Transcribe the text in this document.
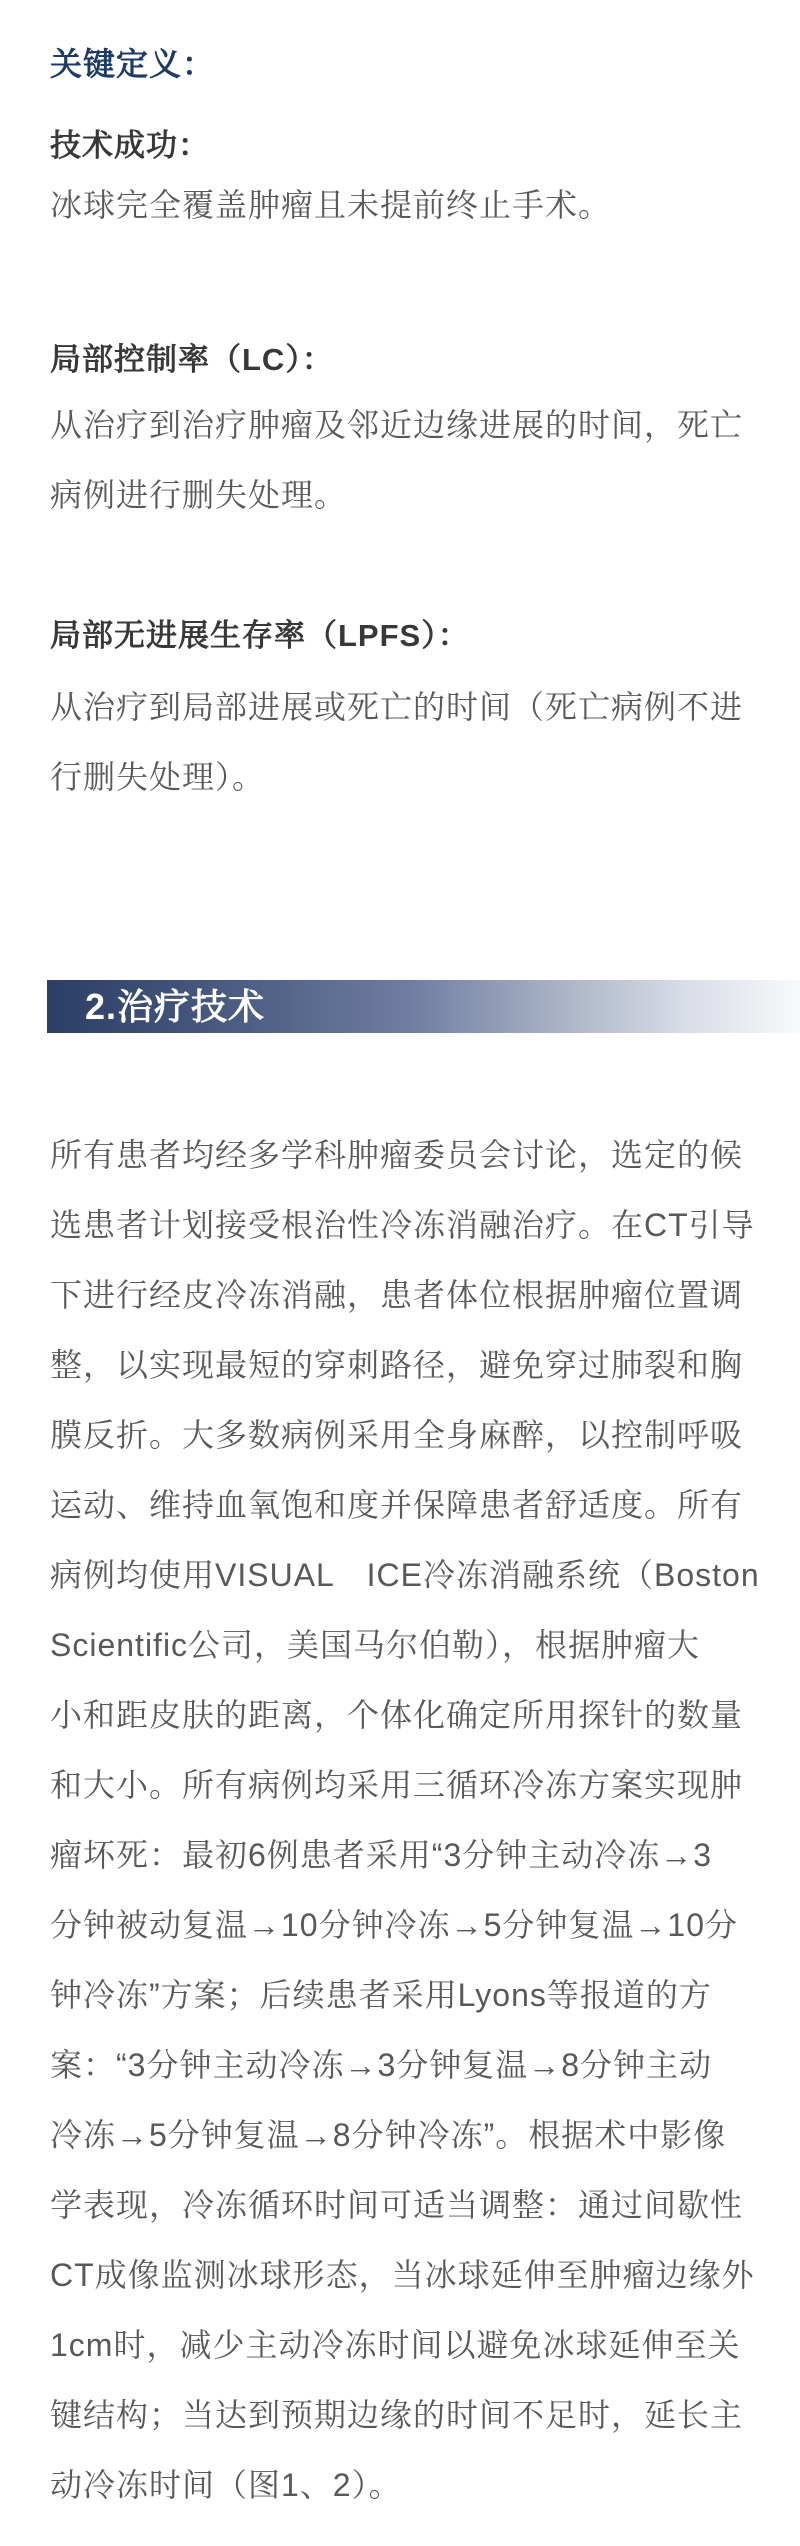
关键定义：
技术成功：
冰球完全覆盖肿瘤且未提前终止手术。
局部控制率（LC）：
从治疗到治疗肿瘤及邻近边缘进展的时间，死亡
病例进行删失处理。
局部无进展生存率（LPFS）：
从治疗到局部进展或死亡的时间（死亡病例不进
行删失处理）。
2.治疗技术
所有患者均经多学科肿瘤委员会讨论，选定的候
选患者计划接受根治性冷冻消融治疗。在CT引导
下进行经皮冷冻消融，患者体位根据肿瘤位置调
整，以实现最短的穿刺路径，避免穿过肺裂和胸
膜反折。大多数病例采用全身麻醉，以控制呼吸
运动、维持血氧饱和度并保障患者舒适度。所有
病例均使用VISUAL　ICE冷冻消融系统（Boston
Scientific公司，美国马尔伯勒），根据肿瘤大
小和距皮肤的距离，个体化确定所用探针的数量
和大小。所有病例均采用三循环冷冻方案实现肿
瘤坏死：最初6例患者采用“3分钟主动冷冻→3
分钟被动复温→10分钟冷冻→5分钟复温→10分
钟冷冻”方案；后续患者采用Lyons等报道的方
案：“3分钟主动冷冻→3分钟复温→8分钟主动
冷冻→5分钟复温→8分钟冷冻”。根据术中影像
学表现，冷冻循环时间可适当调整：通过间歇性
CT成像监测冰球形态，当冰球延伸至肿瘤边缘外
1cm时，减少主动冷冻时间以避免冰球延伸至关
键结构；当达到预期边缘的时间不足时，延长主
动冷冻时间（图1、2）。
